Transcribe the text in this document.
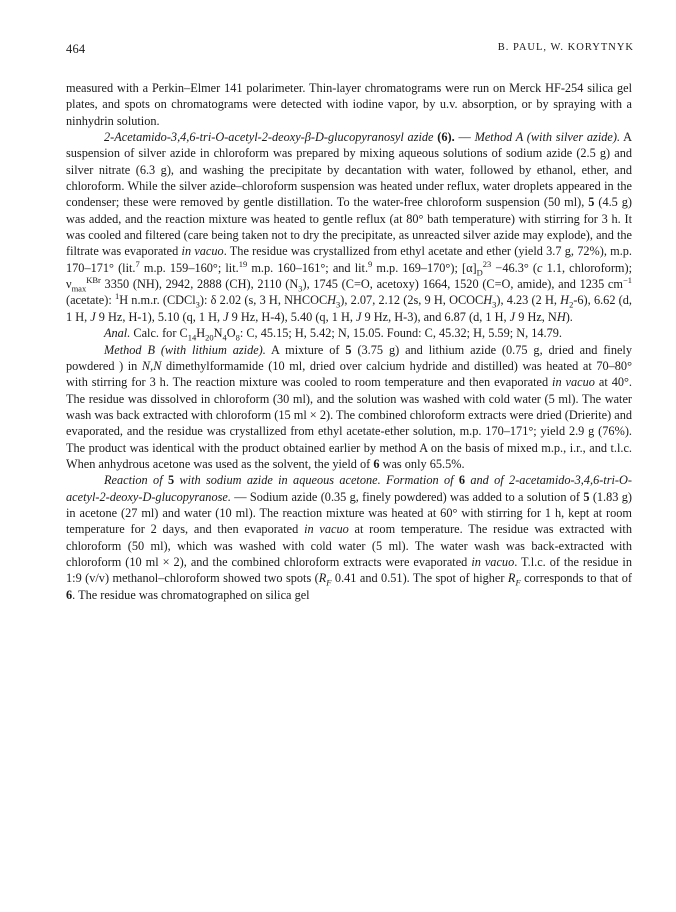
464	B. PAUL, W. KORYTNYK

measured with a Perkin–Elmer 141 polarimeter. Thin-layer chromatograms were run on Merck HF-254 silica gel plates, and spots on chromatograms were detected with iodine vapor, by u.v. absorption, or by spraying with a ninhydrin solution.

2-Acetamido-3,4,6-tri-O-acetyl-2-deoxy-β-D-glucopyranosyl azide (6). — Method A (with silver azide). A suspension of silver azide in chloroform was prepared by mixing aqueous solutions of sodium azide (2.5 g) and silver nitrate (6.3 g), and washing the precipitate by decantation with water, followed by ethanol, ether, and chloroform. While the silver azide–chloroform suspension was heated under reflux, water droplets appeared in the condenser; these were removed by gentle distillation. To the water-free chloroform suspension (50 ml), 5 (4.5 g) was added, and the reaction mixture was heated to gentle reflux (at 80° bath temperature) with stirring for 3 h. It was cooled and filtered (care being taken not to dry the precipitate, as unreacted silver azide may explode), and the filtrate was evaporated in vacuo. The residue was crystallized from ethyl acetate and ether (yield 3.7 g, 72%), m.p. 170–171° (lit.$^7$ m.p. 159–160°; lit.$^{19}$ m.p. 160–161°; and lit.$^9$ m.p. 169–170°); $[\alpha]_D^{23} -46.3^\circ$ (c 1.1, chloroform); $\nu_{max}^{KBr}$ 3350 (NH), 2942, 2888 (CH), 2110 $(N_3)$, 1745 (C=O, acetoxy) 1664, 1520 (C=O, amide), and 1235 $cm^{-1}$ (acetate): $^1$H n.m.r. (CDCl$_3$): δ 2.02 (s, 3 H, $NHCOCH_3$), 2.07, 2.12 (2s, 9 H, $OCOCH_3$), 4.23 (2 H, $H_2-6$), 6.62 (d, 1 H, J 9 Hz, H-1), 5.10 (q, 1 H, J 9 Hz, H-4), 5.40 (q, 1 H, J 9 Hz, H-3), and 6.87 (d, 1 H, J 9 Hz, NH).

Anal. Calc. for $C_{14}H_{20}N_4O_8$: C, 45.15; H, 5.42; N, 15.05. Found: C, 45.32; H, 5.59; N, 14.79.

Method B (with lithium azide). A mixture of 5 (3.75 g) and lithium azide (0.75 g, dried and finely powdered ) in N,N dimethylformamide (10 ml, dried over calcium hydride and distilled) was heated at 70–80° with stirring for 3 h. The reaction mixture was cooled to room temperature and then evaporated in vacuo at 40°. The residue was dissolved in chloroform (30 ml), and the solution was washed with cold water (5 ml). The water wash was back extracted with chloroform (15 ml × 2). The combined chloroform extracts were dried (Drierite) and evaporated, and the residue was crystallized from ethyl acetate-ether solution, m.p. 170–171°; yield 2.9 g (76%). The product was identical with the product obtained earlier by method A on the basis of mixed m.p., i.r., and t.l.c. When anhydrous acetone was used as the solvent, the yield of 6 was only 65.5%.

Reaction of 5 with sodium azide in aqueous acetone. Formation of 6 and of 2-acetamido-3,4,6-tri-O-acetyl-2-deoxy-D-glucopyranose. — Sodium azide (0.35 g, finely powdered) was added to a solution of 5 (1.83 g) in acetone (27 ml) and water (10 ml). The reaction mixture was heated at 60° with stirring for 1 h, kept at room temperature for 2 days, and then evaporated in vacuo at room temperature. The residue was extracted with chloroform (50 ml), which was washed with cold water (5 ml). The water wash was back-extracted with chloroform (10 ml × 2), and the combined chloroform extracts were evaporated in vacuo. T.l.c. of the residue in 1:9 (v/v) methanol–chloroform showed two spots ($R_F$ 0.41 and 0.51). The spot of higher $R_F$ corresponds to that of 6. The residue was chromatographed on silica gel
